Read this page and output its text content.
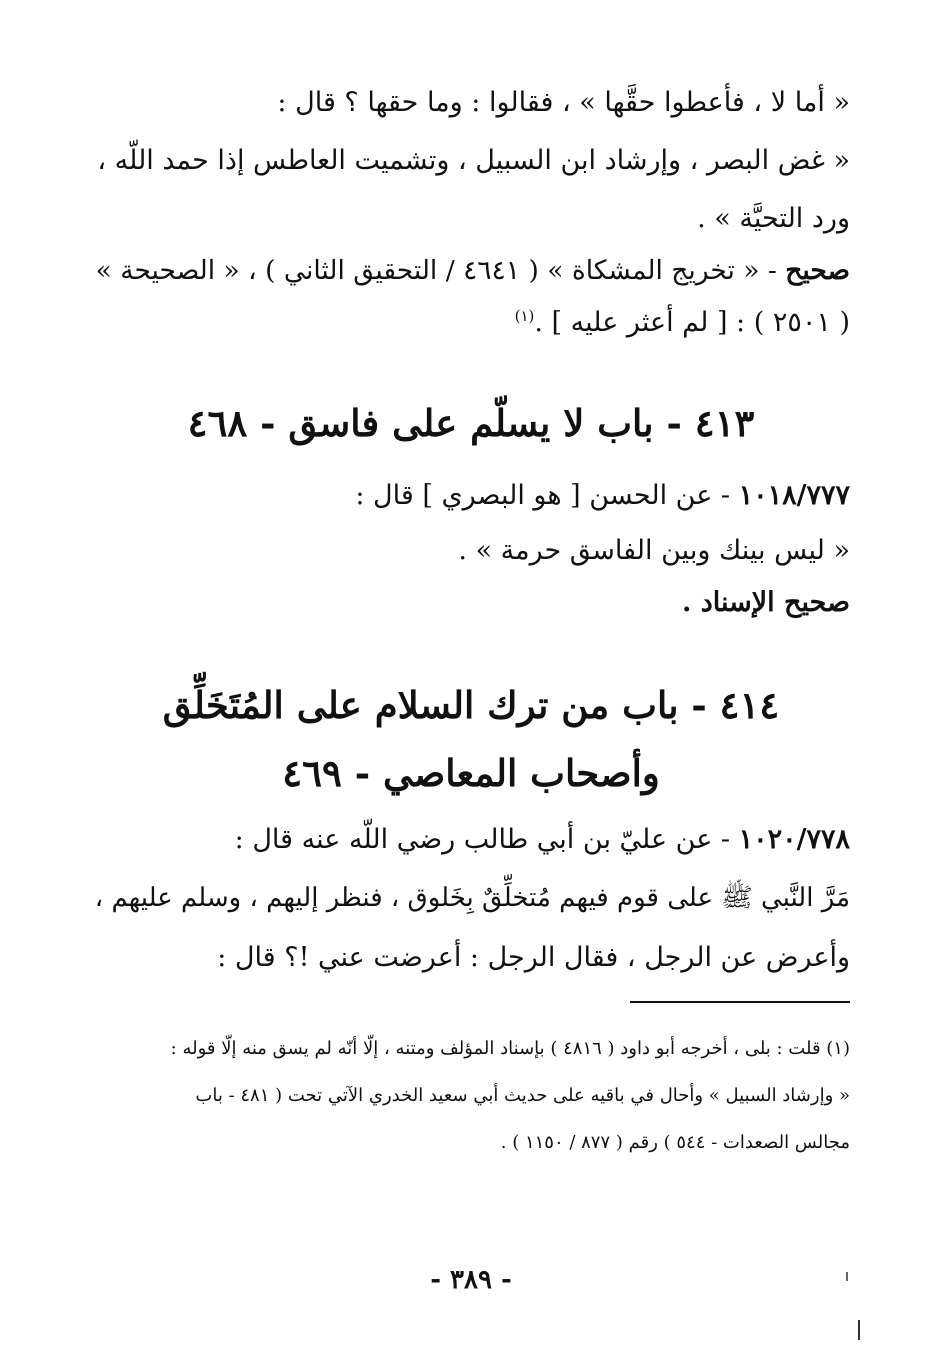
« أما لا ، فأعطوا حقَّها » ، فقالوا : وما حقها ؟ قال :
« غض البصر ، وإرشاد ابن السبيل ، وتشميت العاطس إذا حمد اللّه ،
ورد التحيَّة » .
صحيح - « تخريج المشكاة » ( ٤٦٤١ / التحقيق الثاني ) ، « الصحيحة »
( ٢٥٠١ ) : [ لم أعثر عليه ] .$^{(١)}$
٤١٣ - باب لا يسلّم على فاسق - ٤٦٨
١٠١٨/٧٧٧ - عن الحسن [ هو البصري ] قال :
« ليس بينك وبين الفاسق حرمة » .
صحيح الإسناد .
٤١٤ - باب من ترك السلام على المُتَخَلِّق
وأصحاب المعاصي - ٤٦٩
١٠٢٠/٧٧٨ - عن عليّ بن أبي طالب رضي اللّه عنه قال :
مَرَّ النَّبي ﷺ على قوم فيهم مُتخلِّقٌ بِخَلوق ، فنظر إليهم ، وسلم عليهم ،
وأعرض عن الرجل ، فقال الرجل : أعرضت عني !؟ قال :
(١) قلت : بلى ، أخرجه أبو داود ( ٤٨١٦ ) بإسناد المؤلف ومتنه ، إلّا أنّه لم يسق منه إلّا قوله :
« وإرشاد السبيل » وأحال في باقيه على حديث أبي سعيد الخدري الآتي تحت ( ٤٨١ - باب
مجالس الصعدات - ٥٤٤ ) رقم ( ٨٧٧ / ١١٥٠ ) .
- ٣٨٩ -
